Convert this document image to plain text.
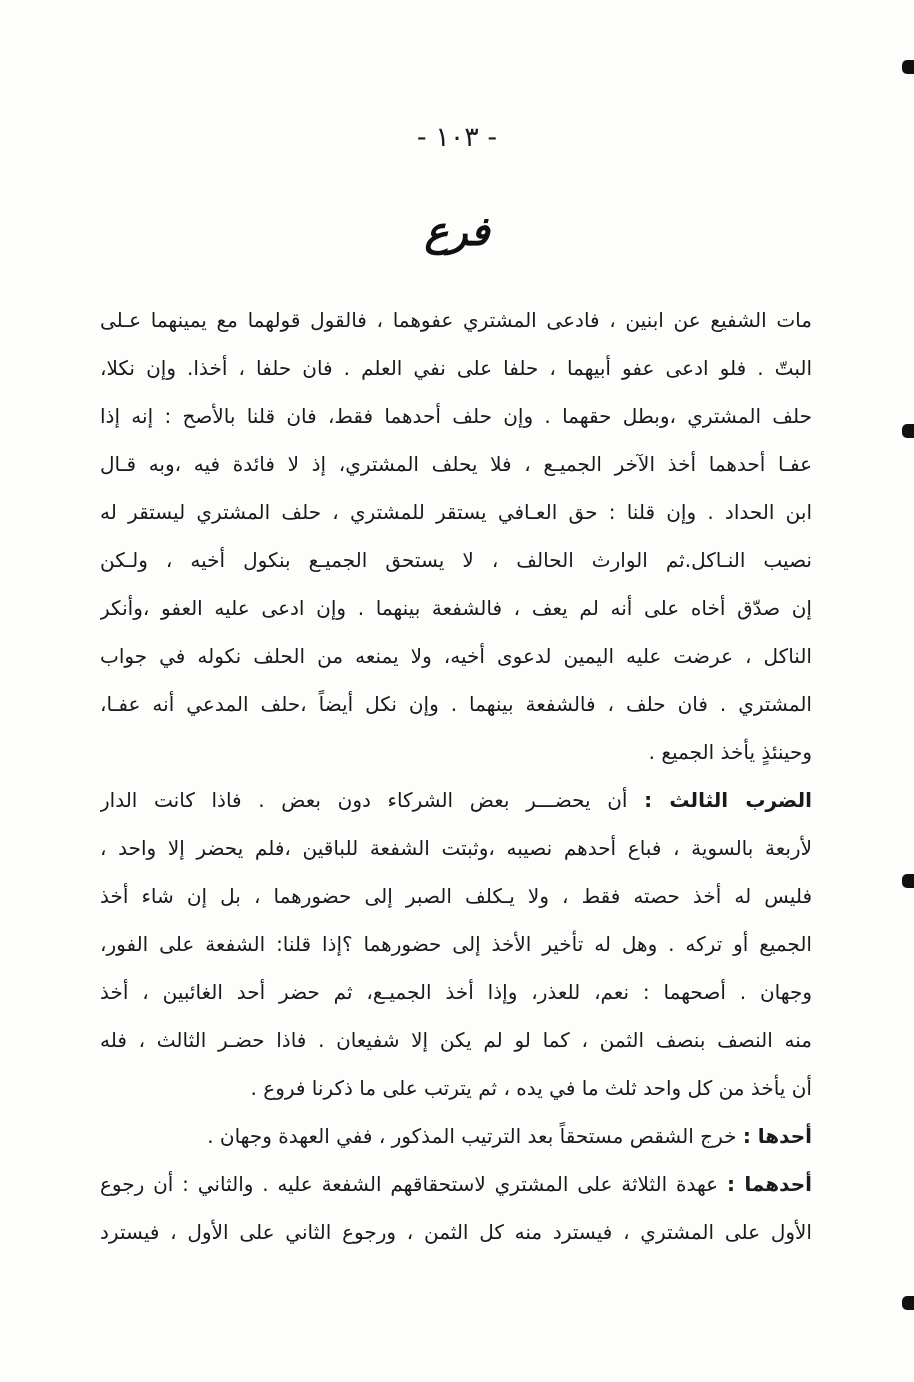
- ١٠٣ -
فرع
مات الشفيع عن ابنين ، فادعى المشتري عفوهما ، فالقول قولهما مع يمينهما عـلى
البتّ . فلو ادعى عفو أبيهما ، حلفا على نفي العلم . فان حلفا ، أخذا. وإن نكلا،
حلف المشتري ،وبطل حقهما . وإن حلف أحدهما فقط، فان قلنا بالأصح : إنه إذا
عفـا أحدهما أخذ الآخر الجميـع ، فلا يحلف المشتري، إذ لا فائدة فيه ،وبه قـال
ابن الحداد . وإن قلنا : حق العـافي يستقر للمشتري ، حلف المشتري ليستقر له
نصيب النـاكل.ثم الوارث الحالف ، لا يستحق الجميـع بنكول أخيه ، ولـكن
إن صدّق أخاه على أنه لم يعف ، فالشفعة بينهما . وإن ادعى عليه العفو ،وأنكر
الناكل ، عرضت عليه اليمين لدعوى أخيه، ولا يمنعه من الحلف نكوله في جواب
المشتري . فان حلف ، فالشفعة بينهما . وإن نكل أيضاً ،حلف المدعي أنه عفـا،
وحينئذٍ يأخذ الجميع .
الضرب الثالث : أن يحضـــر بعض الشركاء دون بعض . فاذا كانت الدار
لأربعة بالسوية ، فباع أحدهم نصيبه ،وثبتت الشفعة للباقين ،فلم يحضر إلا واحد ،
فليس له أخذ حصته فقط ، ولا يـكلف الصبر إلى حضورهما ، بل إن شاء أخذ
الجميع أو تركه . وهل له تأخير الأخذ إلى حضورهما ؟إذا قلنا: الشفعة على الفور،
وجهان . أصحهما : نعم، للعذر، وإذا أخذ الجميـع، ثم حضر أحد الغائبين ، أخذ
منه النصف بنصف الثمن ، كما لو لم يكن إلا شفيعان . فاذا حضـر الثالث ، فله
أن يأخذ من كل واحد ثلث ما في يده ، ثم يترتب على ما ذكرنا فروع .
أحدها : خرج الشقص مستحقاً بعد الترتيب المذكور ، ففي العهدة وجهان .
أحدهما : عهدة الثلاثة على المشتري لاستحقاقهم الشفعة عليه . والثاني : أن رجوع
الأول على المشتري ، فيسترد منه كل الثمن ، ورجوع الثاني على الأول ، فيسترد
